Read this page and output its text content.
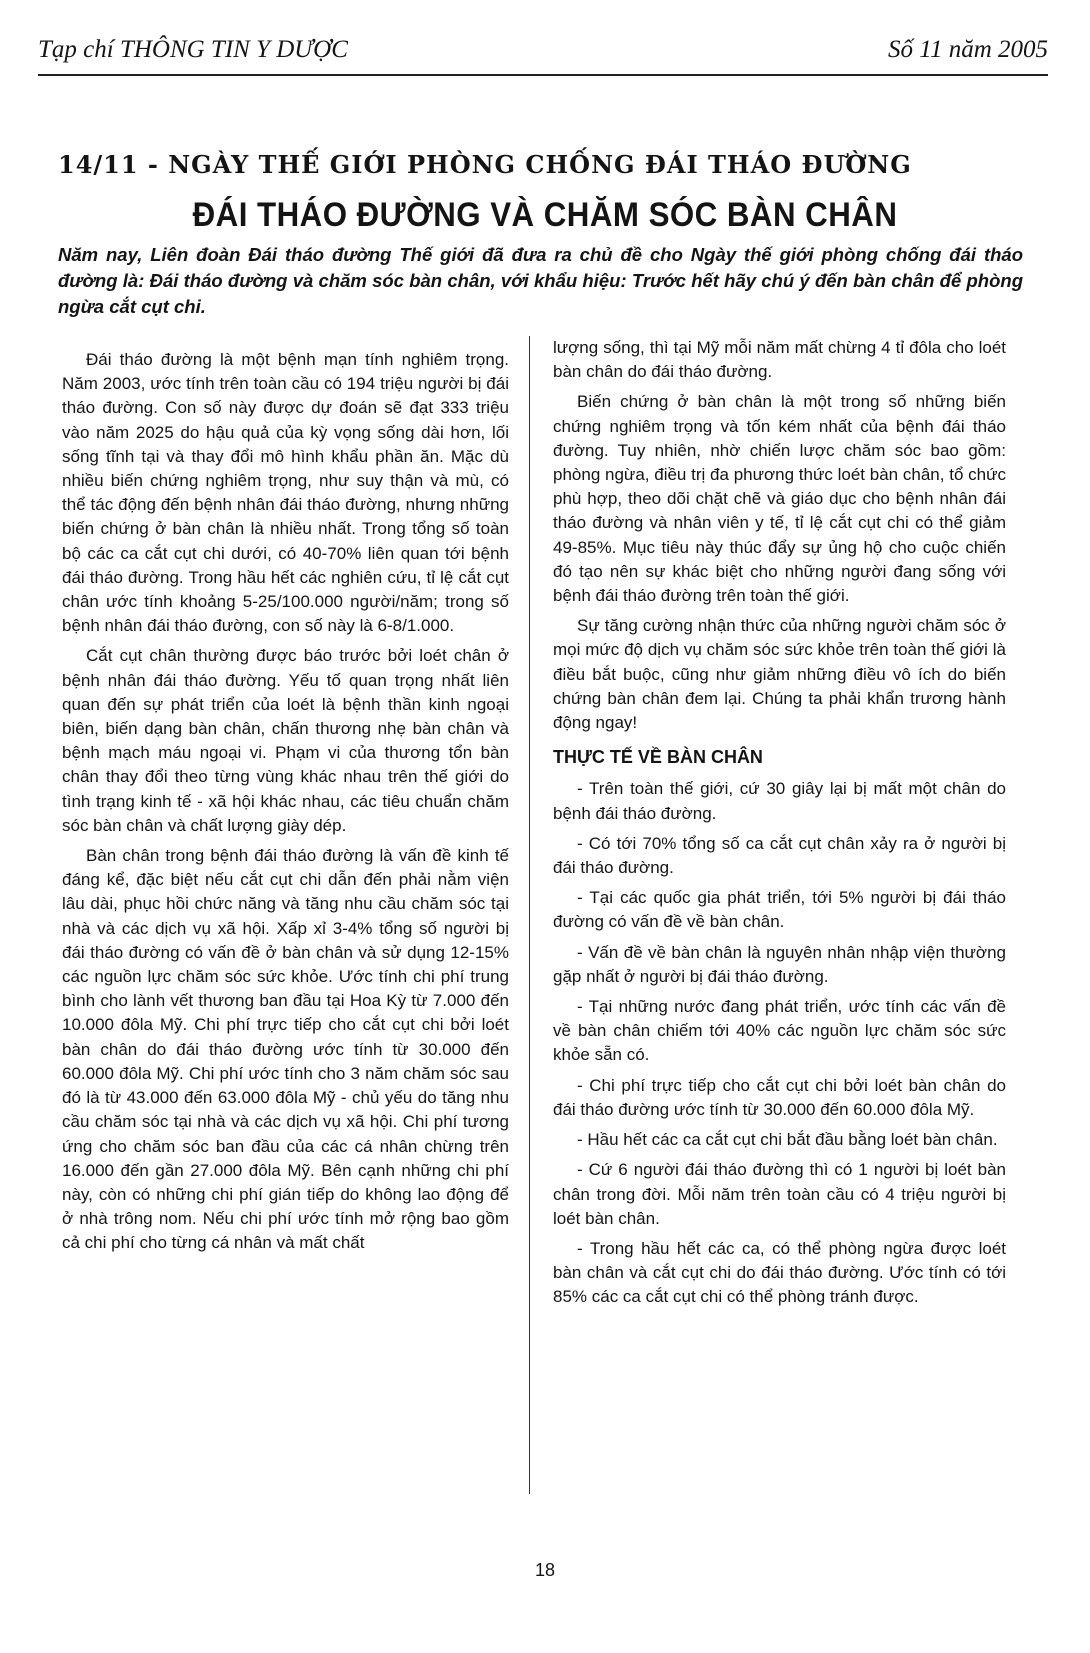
Tạp chí THÔNG TIN Y DƯỢC	Số 11 năm 2005
14/11 - NGÀY THẾ GIỚI PHÒNG CHỐNG ĐÁI THÁO ĐƯỜNG
ĐÁI THÁO ĐƯỜNG VÀ CHĂM SÓC BÀN CHÂN

Năm nay, Liên đoàn Đái tháo đường Thế giới đã đưa ra chủ đề cho Ngày thế giới phòng chống đái tháo đường là: Đái tháo đường và chăm sóc bàn chân, với khẩu hiệu: Trước hết hãy chú ý đến bàn chân để phòng ngừa cắt cụt chi.

Đái tháo đường là một bệnh mạn tính nghiêm trọng. Năm 2003, ước tính trên toàn cầu có 194 triệu người bị đái tháo đường. Con số này được dự đoán sẽ đạt 333 triệu vào năm 2025 do hậu quả của kỳ vọng sống dài hơn, lối sống tĩnh tại và thay đổi mô hình khẩu phần ăn. Mặc dù nhiều biến chứng nghiêm trọng, như suy thận và mù, có thể tác động đến bệnh nhân đái tháo đường, nhưng những biến chứng ở bàn chân là nhiều nhất. Trong tổng số toàn bộ các ca cắt cụt chi dưới, có 40-70% liên quan tới bệnh đái tháo đường. Trong hầu hết các nghiên cứu, tỉ lệ cắt cụt chân ước tính khoảng 5-25/100.000 người/năm; trong số bệnh nhân đái tháo đường, con số này là 6-8/1.000.

Cắt cụt chân thường được báo trước bởi loét chân ở bệnh nhân đái tháo đường. Yếu tố quan trọng nhất liên quan đến sự phát triển của loét là bệnh thần kinh ngoại biên, biến dạng bàn chân, chấn thương nhẹ bàn chân và bệnh mạch máu ngoại vi. Phạm vi của thương tổn bàn chân thay đổi theo từng vùng khác nhau trên thế giới do tình trạng kinh tế - xã hội khác nhau, các tiêu chuẩn chăm sóc bàn chân và chất lượng giày dép.

Bàn chân trong bệnh đái tháo đường là vấn đề kinh tế đáng kể, đặc biệt nếu cắt cụt chi dẫn đến phải nằm viện lâu dài, phục hồi chức năng và tăng nhu cầu chăm sóc tại nhà và các dịch vụ xã hội. Xấp xỉ 3-4% tổng số người bị đái tháo đường có vấn đề ở bàn chân và sử dụng 12-15% các nguồn lực chăm sóc sức khỏe. Ước tính chi phí trung bình cho lành vết thương ban đầu tại Hoa Kỳ từ 7.000 đến 10.000 đôla Mỹ. Chi phí trực tiếp cho cắt cụt chi bởi loét bàn chân do đái tháo đường ước tính từ 30.000 đến 60.000 đôla Mỹ. Chi phí ước tính cho 3 năm chăm sóc sau đó là từ 43.000 đến 63.000 đôla Mỹ - chủ yếu do tăng nhu cầu chăm sóc tại nhà và các dịch vụ xã hội. Chi phí tương ứng cho chăm sóc ban đầu của các cá nhân chừng trên 16.000 đến gần 27.000 đôla Mỹ. Bên cạnh những chi phí này, còn có những chi phí gián tiếp do không lao động để ở nhà trông nom. Nếu chi phí ước tính mở rộng bao gồm cả chi phí cho từng cá nhân và mất chất

lượng sống, thì tại Mỹ mỗi năm mất chừng 4 tỉ đôla cho loét bàn chân do đái tháo đường.

Biến chứng ở bàn chân là một trong số những biến chứng nghiêm trọng và tốn kém nhất của bệnh đái tháo đường. Tuy nhiên, nhờ chiến lược chăm sóc bao gồm: phòng ngừa, điều trị đa phương thức loét bàn chân, tổ chức phù hợp, theo dõi chặt chẽ và giáo dục cho bệnh nhân đái tháo đường và nhân viên y tế, tỉ lệ cắt cụt chi có thể giảm 49-85%. Mục tiêu này thúc đẩy sự ủng hộ cho cuộc chiến đó tạo nên sự khác biệt cho những người đang sống với bệnh đái tháo đường trên toàn thế giới.

Sự tăng cường nhận thức của những người chăm sóc ở mọi mức độ dịch vụ chăm sóc sức khỏe trên toàn thế giới là điều bắt buộc, cũng như giảm những điều vô ích do biến chứng bàn chân đem lại. Chúng ta phải khẩn trương hành động ngay!

THỰC TẾ VỀ BÀN CHÂN

- Trên toàn thế giới, cứ 30 giây lại bị mất một chân do bệnh đái tháo đường.

- Có tới 70% tổng số ca cắt cụt chân xảy ra ở người bị đái tháo đường.

- Tại các quốc gia phát triển, tới 5% người bị đái tháo đường có vấn đề về bàn chân.

- Vấn đề về bàn chân là nguyên nhân nhập viện thường gặp nhất ở người bị đái tháo đường.

- Tại những nước đang phát triển, ước tính các vấn đề về bàn chân chiếm tới 40% các nguồn lực chăm sóc sức khỏe sẵn có.

- Chi phí trực tiếp cho cắt cụt chi bởi loét bàn chân do đái tháo đường ước tính từ 30.000 đến 60.000 đôla Mỹ.

- Hầu hết các ca cắt cụt chi bắt đầu bằng loét bàn chân.

- Cứ 6 người đái tháo đường thì có 1 người bị loét bàn chân trong đời. Mỗi năm trên toàn cầu có 4 triệu người bị loét bàn chân.

- Trong hầu hết các ca, có thể phòng ngừa được loét bàn chân và cắt cụt chi do đái tháo đường. Ước tính có tới 85% các ca cắt cụt chi có thể phòng tránh được.

18
